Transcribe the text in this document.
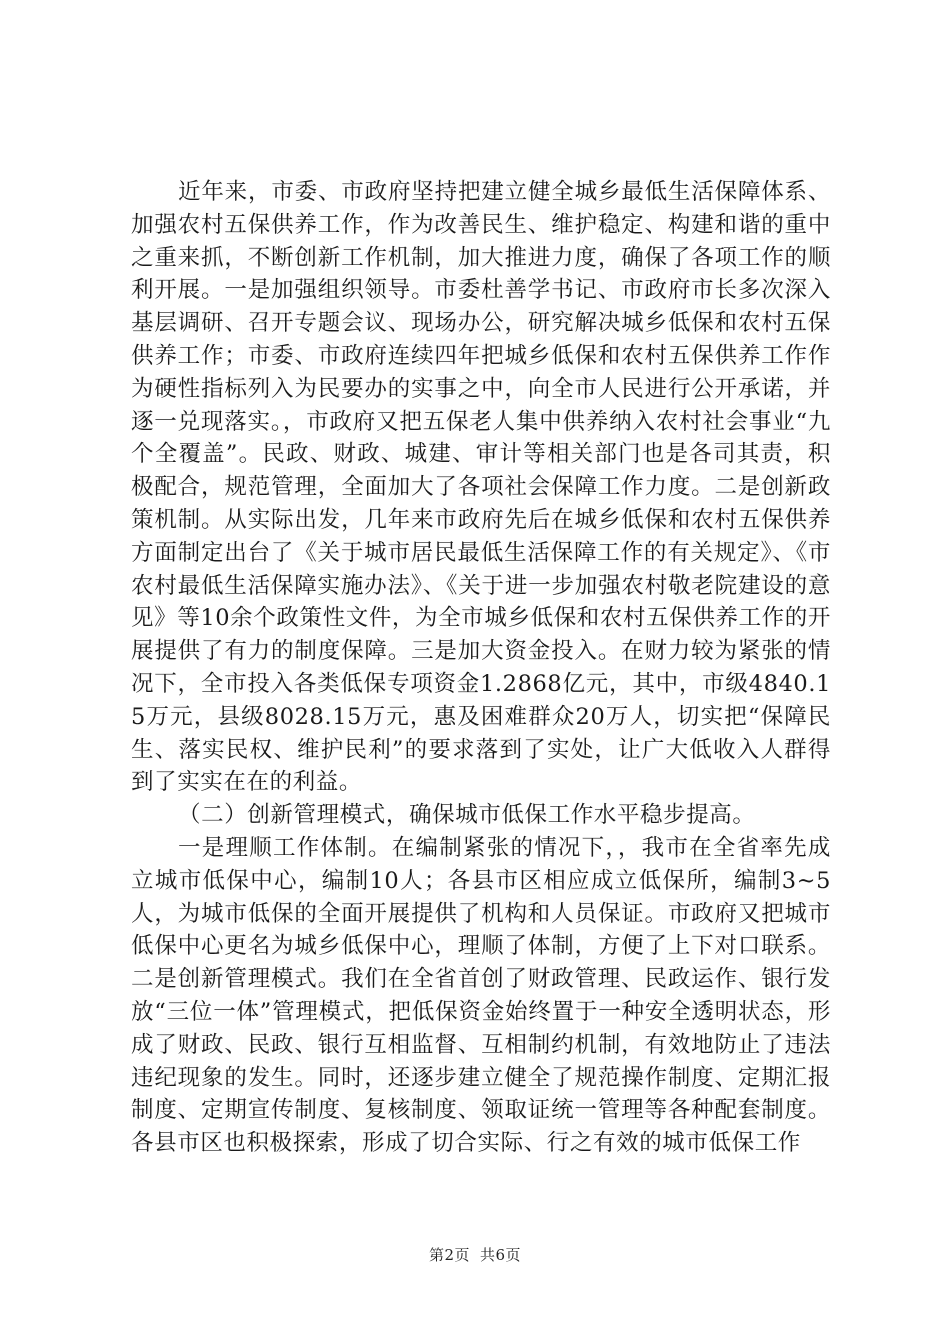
近年来，市委、市政府坚持把建立健全城乡最低生活保障体系、加强农村五保供养工作，作为改善民生、维护稳定、构建和谐的重中之重来抓，不断创新工作机制，加大推进力度，确保了各项工作的顺利开展。一是加强组织领导。市委杜善学书记、市政府市长多次深入基层调研、召开专题会议、现场办公，研究解决城乡低保和农村五保供养工作；市委、市政府连续四年把城乡低保和农村五保供养工作作为硬性指标列入为民要办的实事之中，向全市人民进行公开承诺，并逐一兑现落实。，市政府又把五保老人集中供养纳入农村社会事业“九个全覆盖”。民政、财政、城建、审计等相关部门也是各司其责，积极配合，规范管理，全面加大了各项社会保障工作力度。二是创新政策机制。从实际出发，几年来市政府先后在城乡低保和农村五保供养方面制定出台了《关于城市居民最低生活保障工作的有关规定》、《市农村最低生活保障实施办法》、《关于进一步加强农村敬老院建设的意见》等10余个政策性文件，为全市城乡低保和农村五保供养工作的开展提供了有力的制度保障。三是加大资金投入。在财力较为紧张的情况下，全市投入各类低保专项资金1.2868亿元，其中，市级4840.15万元，县级8028.15万元，惠及困难群众20万人，切实把“保障民生、落实民权、维护民利”的要求落到了实处，让广大低收入人群得到了实实在在的利益。

（二）创新管理模式，确保城市低保工作水平稳步提高。

一是理顺工作体制。在编制紧张的情况下，，我市在全省率先成立城市低保中心，编制10人；各县市区相应成立低保所，编制3~5人，为城市低保的全面开展提供了机构和人员保证。市政府又把城市低保中心更名为城乡低保中心，理顺了体制，方便了上下对口联系。二是创新管理模式。我们在全省首创了财政管理、民政运作、银行发放“三位一体”管理模式，把低保资金始终置于一种安全透明状态，形成了财政、民政、银行互相监督、互相制约机制，有效地防止了违法违纪现象的发生。同时，还逐步建立健全了规范操作制度、定期汇报制度、定期宣传制度、复核制度、领取证统一管理等各种配套制度。各县市区也积极探索，形成了切合实际、行之有效的城市低保工作

第2页 共6页
